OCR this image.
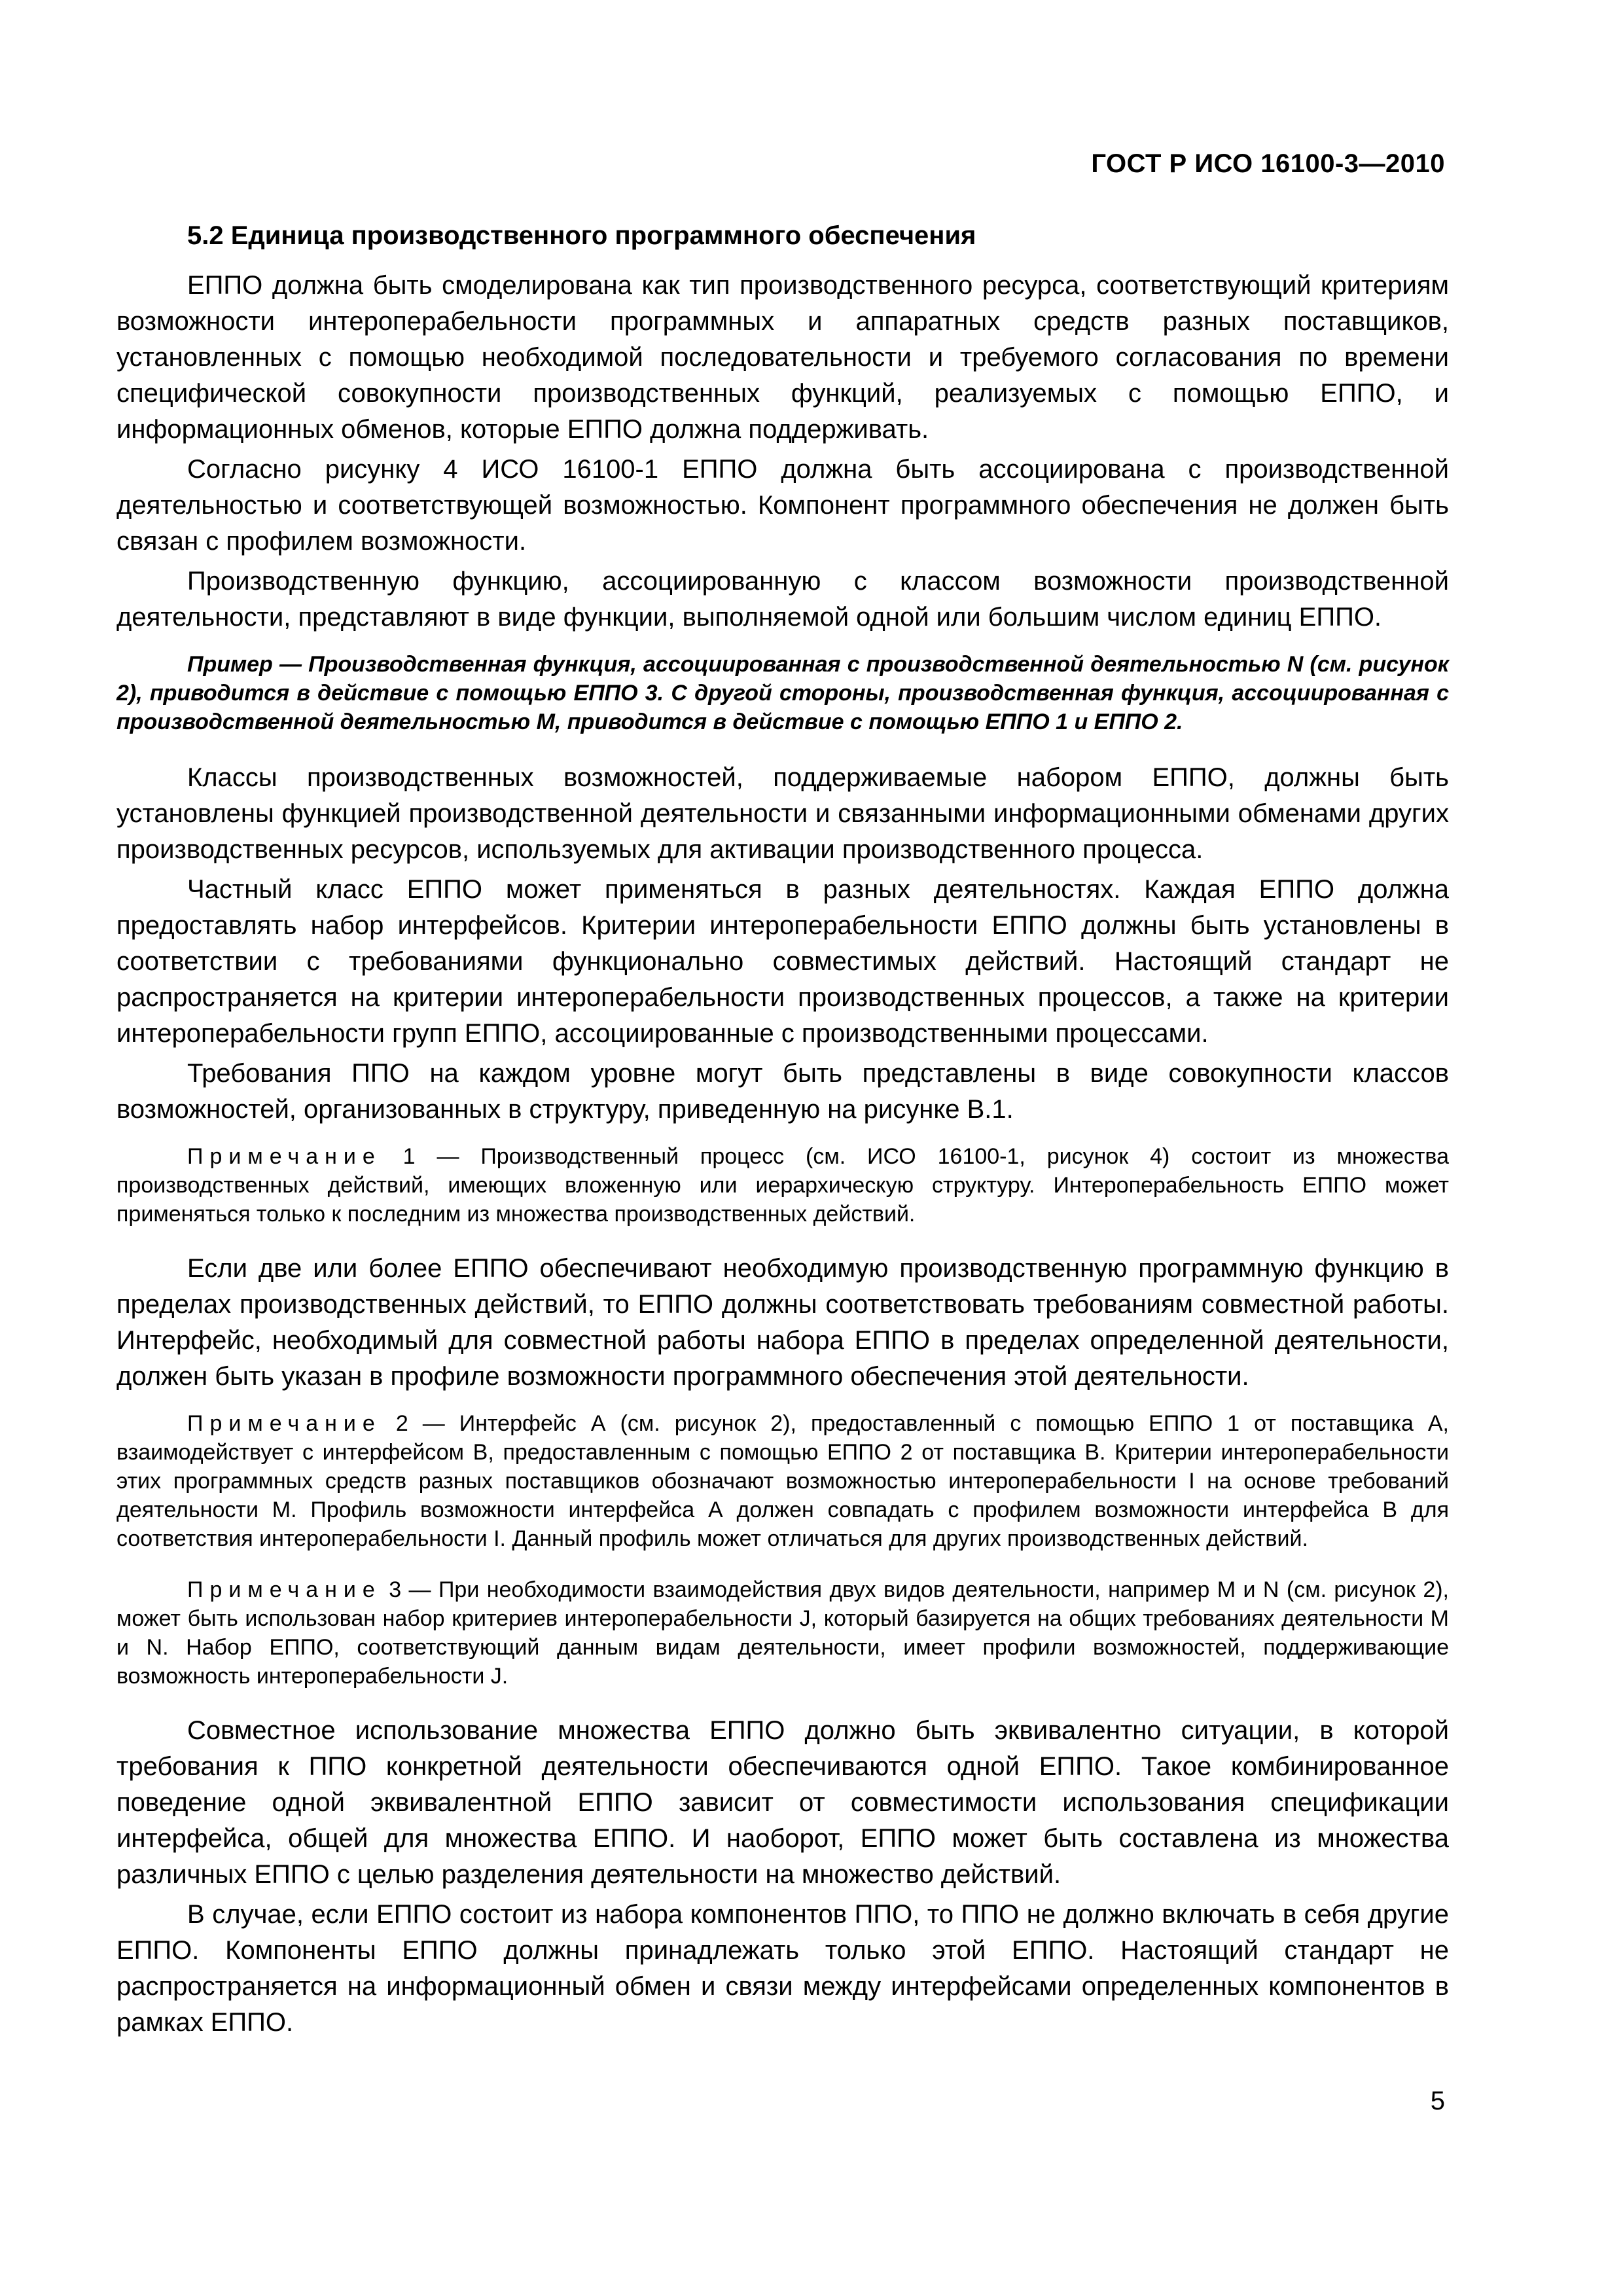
ГОСТ Р ИСО 16100-3—2010
5.2 Единица производственного программного обеспечения

ЕППО должна быть смоделирована как тип производственного ресурса, соответствующий критериям возможности интероперабельности программных и аппаратных средств разных поставщиков, установленных с помощью необходимой последовательности и требуемого согласования по времени специфической совокупности производственных функций, реализуемых с помощью ЕППО, и информационных обменов, которые ЕППО должна поддерживать.

Согласно рисунку 4 ИСО 16100-1 ЕППО должна быть ассоциирована с производственной деятельностью и соответствующей возможностью. Компонент программного обеспечения не должен быть связан с профилем возможности.

Производственную функцию, ассоциированную с классом возможности производственной деятельности, представляют в виде функции, выполняемой одной или большим числом единиц ЕППО.

Пример — Производственная функция, ассоциированная с производственной деятельностью N (см. рисунок 2), приводится в действие с помощью ЕППО 3. С другой стороны, производственная функция, ассоциированная с производственной деятельностью М, приводится в действие с помощью ЕППО 1 и ЕППО 2.

Классы производственных возможностей, поддерживаемые набором ЕППО, должны быть установлены функцией производственной деятельности и связанными информационными обменами других производственных ресурсов, используемых для активации производственного процесса.

Частный класс ЕППО может применяться в разных деятельностях. Каждая ЕППО должна предоставлять набор интерфейсов. Критерии интероперабельности ЕППО должны быть установлены в соответствии с требованиями функционально совместимых действий. Настоящий стандарт не распространяется на критерии интероперабельности производственных процессов, а также на критерии интероперабельности групп ЕППО, ассоциированные с производственными процессами.

Требования ППО на каждом уровне могут быть представлены в виде совокупности классов возможностей, организованных в структуру, приведенную на рисунке В.1.

Примечание 1 — Производственный процесс (см. ИСО 16100-1, рисунок 4) состоит из множества производственных действий, имеющих вложенную или иерархическую структуру. Интероперабельность ЕППО может применяться только к последним из множества производственных действий.

Если две или более ЕППО обеспечивают необходимую производственную программную функцию в пределах производственных действий, то ЕППО должны соответствовать требованиям совместной работы. Интерфейс, необходимый для совместной работы набора ЕППО в пределах определенной деятельности, должен быть указан в профиле возможности программного обеспечения этой деятельности.

Примечание 2 — Интерфейс А (см. рисунок 2), предоставленный с помощью ЕППО 1 от поставщика А, взаимодействует с интерфейсом В, предоставленным с помощью ЕППО 2 от поставщика В. Критерии интероперабельности этих программных средств разных поставщиков обозначают возможностью интероперабельности I на основе требований деятельности М. Профиль возможности интерфейса А должен совпадать с профилем возможности интерфейса В для соответствия интероперабельности I. Данный профиль может отличаться для других производственных действий.

Примечание 3 — При необходимости взаимодействия двух видов деятельности, например М и N (см. рисунок 2), может быть использован набор критериев интероперабельности J, который базируется на общих требованиях деятельности М и N. Набор ЕППО, соответствующий данным видам деятельности, имеет профили возможностей, поддерживающие возможность интероперабельности J.

Совместное использование множества ЕППО должно быть эквивалентно ситуации, в которой требования к ППО конкретной деятельности обеспечиваются одной ЕППО. Такое комбинированное поведение одной эквивалентной ЕППО зависит от совместимости использования спецификации интерфейса, общей для множества ЕППО. И наоборот, ЕППО может быть составлена из множества различных ЕППО с целью разделения деятельности на множество действий.

В случае, если ЕППО состоит из набора компонентов ППО, то ППО не должно включать в себя другие ЕППО. Компоненты ЕППО должны принадлежать только этой ЕППО. Настоящий стандарт не распространяется на информационный обмен и связи между интерфейсами определенных компонентов в рамках ЕППО.

5
